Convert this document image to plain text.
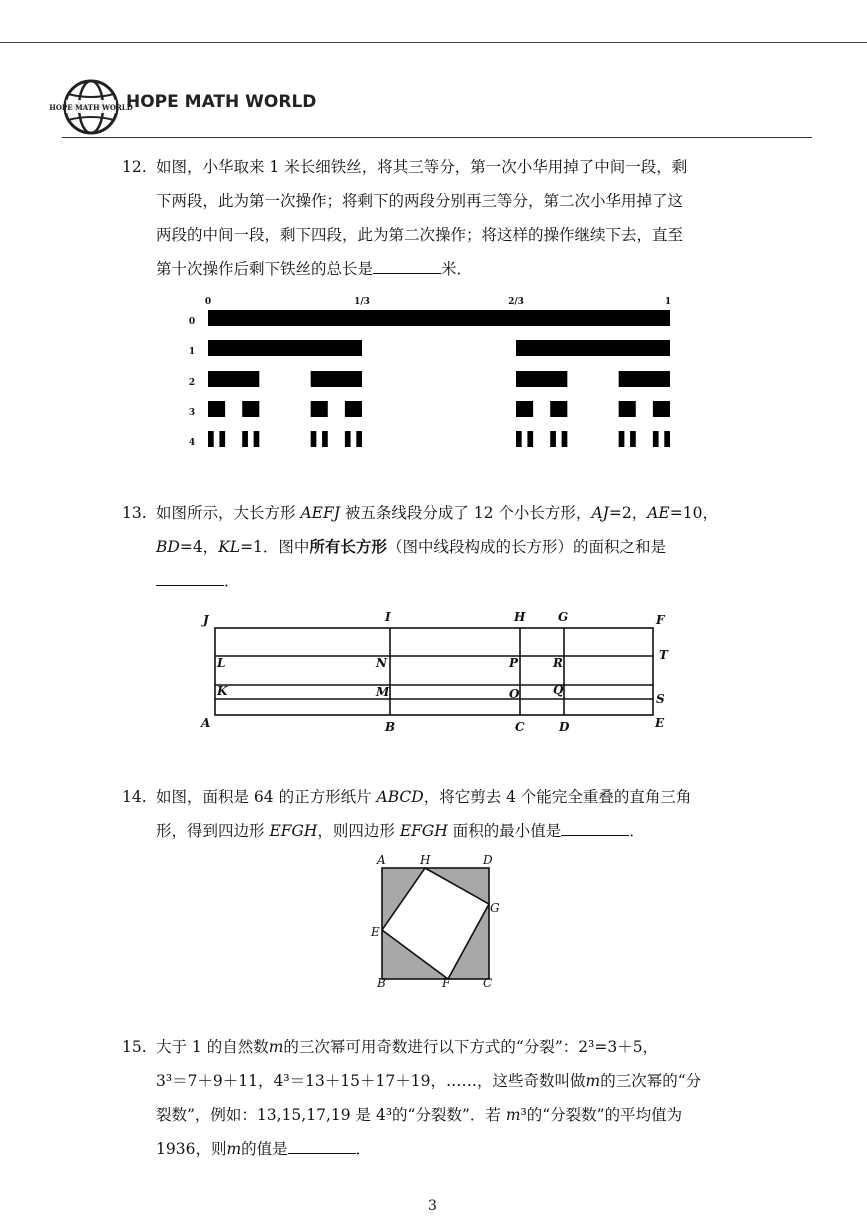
HOPE MATH WORLD
HOPE MATH WORLD
12. 如图，小华取来 1 米长细铁丝，将其三等分，第一次小华用掉了中间一段，剩
下两段，此为第一次操作；将剩下的两段分别再三等分，第二次小华用掉了这
两段的中间一段，剩下四段，此为第二次操作；将这样的操作继续下去，直至
第十次操作后剩下铁丝的总长是	米．
0	1/3	2/3	1
0
1
2
3
4
13. 如图所示，大长方形 AEFJ 被五条线段分成了 12 个小长方形，AJ=2，AE=10，
BD=4，KL=1．图中所有长方形（图中线段构成的长方形）的面积之和是
．
J	I	H	G	F
T
L	N	P	R
K	M	O	Q
S
A	B	C	D	E
14. 如图，面积是 64 的正方形纸片 ABCD，将它剪去 4 个能完全重叠的直角三角
形，得到四边形 EFGH，则四边形 EFGH 面积的最小值是	．
A	H	D
G
E
B	F	C
15. 大于 1 的自然数m的三次幂可用奇数进行以下方式的“分裂”：2³=3＋5，
3³＝7＋9＋11，4³＝13＋15＋17＋19，……，这些奇数叫做m的三次幂的“分
裂数”，例如：13,15,17,19 是 4³的“分裂数”．若 m³的“分裂数”的平均值为
1936，则m的值是	．
3
